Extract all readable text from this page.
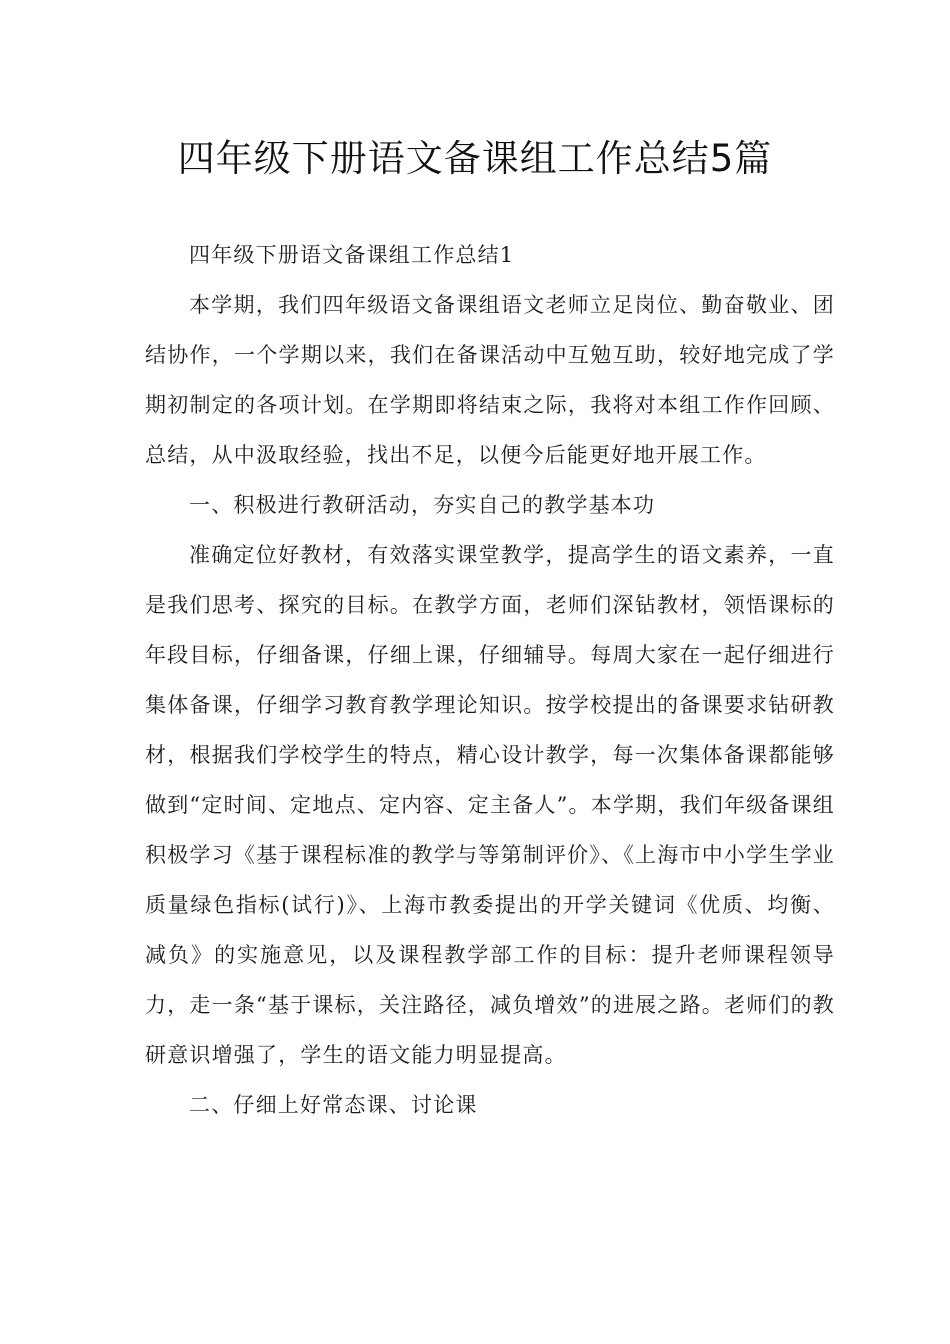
四年级下册语文备课组工作总结5篇

四年级下册语文备课组工作总结1

本学期，我们四年级语文备课组语文老师立足岗位、勤奋敬业、团结协作，一个学期以来，我们在备课活动中互勉互助，较好地完成了学期初制定的各项计划。在学期即将结束之际，我将对本组工作作回顾、总结，从中汲取经验，找出不足，以便今后能更好地开展工作。

一、积极进行教研活动，夯实自己的教学基本功

准确定位好教材，有效落实课堂教学，提高学生的语文素养，一直是我们思考、探究的目标。在教学方面，老师们深钻教材，领悟课标的年段目标，仔细备课，仔细上课，仔细辅导。每周大家在一起仔细进行集体备课，仔细学习教育教学理论知识。按学校提出的备课要求钻研教材，根据我们学校学生的特点，精心设计教学，每一次集体备课都能够做到“定时间、定地点、定内容、定主备人”。本学期，我们年级备课组积极学习《基于课程标准的教学与等第制评价》、《上海市中小学生学业质量绿色指标(试行)》、上海市教委提出的开学关键词《优质、均衡、减负》的实施意见，以及课程教学部工作的目标：提升老师课程领导力，走一条“基于课标，关注路径，减负增效”的进展之路。老师们的教研意识增强了，学生的语文能力明显提高。

二、仔细上好常态课、讨论课
